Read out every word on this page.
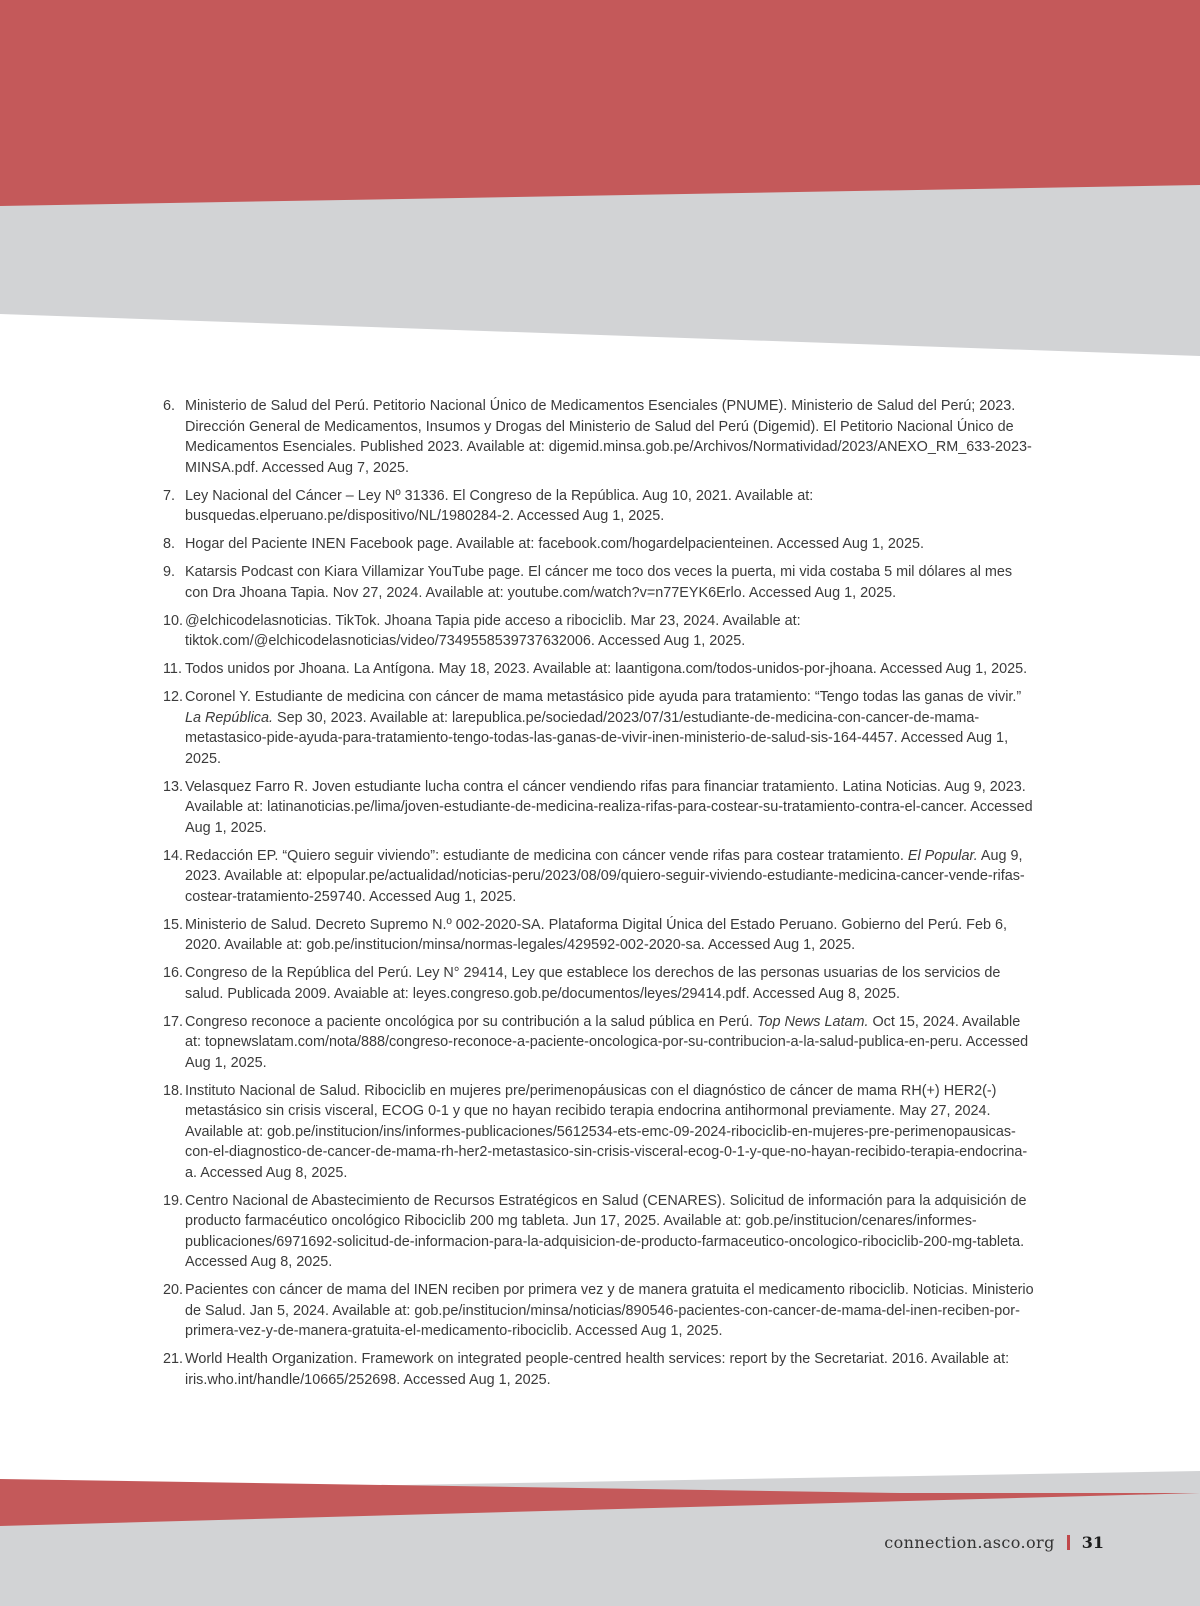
6. Ministerio de Salud del Perú. Petitorio Nacional Único de Medicamentos Esenciales (PNUME). Ministerio de Salud del Perú; 2023. Dirección General de Medicamentos, Insumos y Drogas del Ministerio de Salud del Perú (Digemid). El Petitorio Nacional Único de Medicamentos Esenciales. Published 2023. Available at: digemid.minsa.gob.pe/Archivos/Normatividad/2023/ANEXO_RM_633-2023-MINSA.pdf. Accessed Aug 7, 2025.
7. Ley Nacional del Cáncer – Ley Nº 31336. El Congreso de la República. Aug 10, 2021. Available at: busquedas.elperuano.pe/dispositivo/NL/1980284-2. Accessed Aug 1, 2025.
8. Hogar del Paciente INEN Facebook page. Available at: facebook.com/hogardelpacienteinen. Accessed Aug 1, 2025.
9. Katarsis Podcast con Kiara Villamizar YouTube page. El cáncer me toco dos veces la puerta, mi vida costaba 5 mil dólares al mes con Dra Jhoana Tapia. Nov 27, 2024. Available at: youtube.com/watch?v=n77EYK6Erlo. Accessed Aug 1, 2025.
10. @elchicodelasnoticias. TikTok. Jhoana Tapia pide acceso a ribociclib. Mar 23, 2024. Available at: tiktok.com/@elchicodelasnoticias/video/7349558539737632006. Accessed Aug 1, 2025.
11. Todos unidos por Jhoana. La Antígona. May 18, 2023. Available at: laantigona.com/todos-unidos-por-jhoana. Accessed Aug 1, 2025.
12. Coronel Y. Estudiante de medicina con cáncer de mama metastásico pide ayuda para tratamiento: “Tengo todas las ganas de vivir.” La República. Sep 30, 2023. Available at: larepublica.pe/sociedad/2023/07/31/estudiante-de-medicina-con-cancer-de-mama-metastasico-pide-ayuda-para-tratamiento-tengo-todas-las-ganas-de-vivir-inen-ministerio-de-salud-sis-164-4457. Accessed Aug 1, 2025.
13. Velasquez Farro R. Joven estudiante lucha contra el cáncer vendiendo rifas para financiar tratamiento. Latina Noticias. Aug 9, 2023. Available at: latinanoticias.pe/lima/joven-estudiante-de-medicina-realiza-rifas-para-costear-su-tratamiento-contra-el-cancer. Accessed Aug 1, 2025.
14. Redacción EP. “Quiero seguir viviendo”: estudiante de medicina con cáncer vende rifas para costear tratamiento. El Popular. Aug 9, 2023. Available at: elpopular.pe/actualidad/noticias-peru/2023/08/09/quiero-seguir-viviendo-estudiante-medicina-cancer-vende-rifas-costear-tratamiento-259740. Accessed Aug 1, 2025.
15. Ministerio de Salud. Decreto Supremo N.º 002-2020-SA. Plataforma Digital Única del Estado Peruano. Gobierno del Perú. Feb 6, 2020. Available at: gob.pe/institucion/minsa/normas-legales/429592-002-2020-sa. Accessed Aug 1, 2025.
16. Congreso de la República del Perú. Ley N° 29414, Ley que establece los derechos de las personas usuarias de los servicios de salud. Publicada 2009. Avaiable at: leyes.congreso.gob.pe/documentos/leyes/29414.pdf. Accessed Aug 8, 2025.
17. Congreso reconoce a paciente oncológica por su contribución a la salud pública en Perú. Top News Latam. Oct 15, 2024. Available at: topnewslatam.com/nota/888/congreso-reconoce-a-paciente-oncologica-por-su-contribucion-a-la-salud-publica-en-peru. Accessed Aug 1, 2025.
18. Instituto Nacional de Salud. Ribociclib en mujeres pre/perimenopáusicas con el diagnóstico de cáncer de mama RH(+) HER2(-) metastásico sin crisis visceral, ECOG 0-1 y que no hayan recibido terapia endocrina antihormonal previamente. May 27, 2024. Available at: gob.pe/institucion/ins/informes-publicaciones/5612534-ets-emc-09-2024-ribociclib-en-mujeres-pre-perimenopausicas-con-el-diagnostico-de-cancer-de-mama-rh-her2-metastasico-sin-crisis-visceral-ecog-0-1-y-que-no-hayan-recibido-terapia-endocrina-a. Accessed Aug 8, 2025.
19. Centro Nacional de Abastecimiento de Recursos Estratégicos en Salud (CENARES). Solicitud de información para la adquisición de producto farmacéutico oncológico Ribociclib 200 mg tableta. Jun 17, 2025. Available at: gob.pe/institucion/cenares/informes-publicaciones/6971692-solicitud-de-informacion-para-la-adquisicion-de-producto-farmaceutico-oncologico-ribociclib-200-mg-tableta. Accessed Aug 8, 2025.
20. Pacientes con cáncer de mama del INEN reciben por primera vez y de manera gratuita el medicamento ribociclib. Noticias. Ministerio de Salud. Jan 5, 2024. Available at: gob.pe/institucion/minsa/noticias/890546-pacientes-con-cancer-de-mama-del-inen-reciben-por-primera-vez-y-de-manera-gratuita-el-medicamento-ribociclib. Accessed Aug 1, 2025.
21. World Health Organization. Framework on integrated people-centred health services: report by the Secretariat. 2016. Available at: iris.who.int/handle/10665/252698. Accessed Aug 1, 2025.
connection.asco.org 31
